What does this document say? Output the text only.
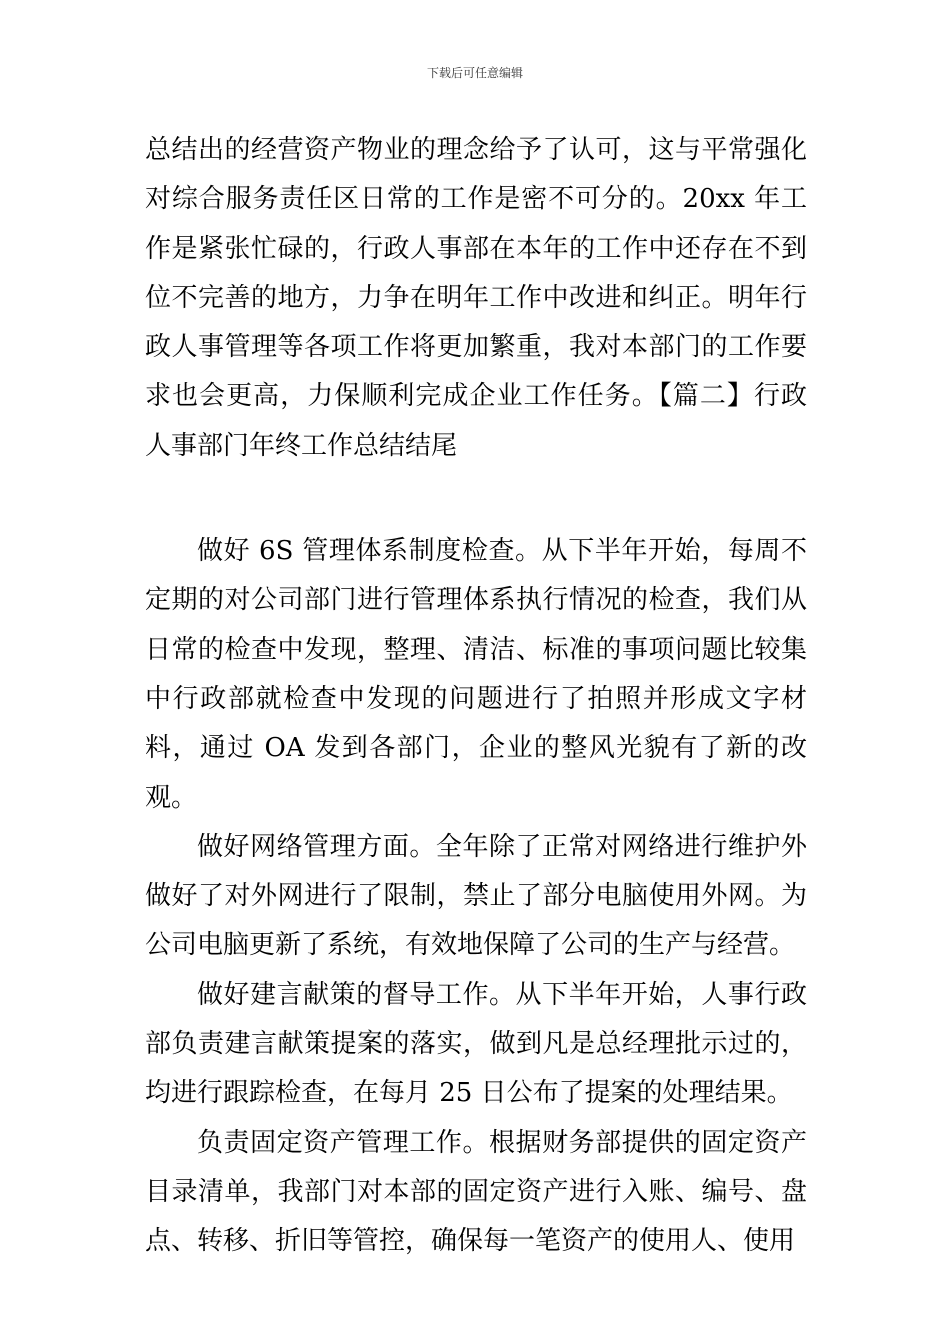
下载后可任意编辑

总结出的经营资产物业的理念给予了认可，这与平常强化对综合服务责任区日常的工作是密不可分的。20xx 年工作是紧张忙碌的，行政人事部在本年的工作中还存在不到位不完善的地方，力争在明年工作中改进和纠正。明年行政人事管理等各项工作将更加繁重，我对本部门的工作要求也会更高，力保顺利完成企业工作任务。【篇二】行政人事部门年终工作总结结尾

做好 6S 管理体系制度检查。从下半年开始，每周不定期的对公司部门进行管理体系执行情况的检查，我们从日常的检查中发现，整理、清洁、标准的事项问题比较集中行政部就检查中发现的问题进行了拍照并形成文字材料，通过 OA 发到各部门，企业的整风光貌有了新的改观。

做好网络管理方面。全年除了正常对网络进行维护外做好了对外网进行了限制，禁止了部分电脑使用外网。为公司电脑更新了系统，有效地保障了公司的生产与经营。

做好建言献策的督导工作。从下半年开始，人事行政部负责建言献策提案的落实，做到凡是总经理批示过的，均进行跟踪检查，在每月 25 日公布了提案的处理结果。

负责固定资产管理工作。根据财务部提供的固定资产目录清单，我部门对本部的固定资产进行入账、编号、盘点、转移、折旧等管控，确保每一笔资产的使用人、使用
